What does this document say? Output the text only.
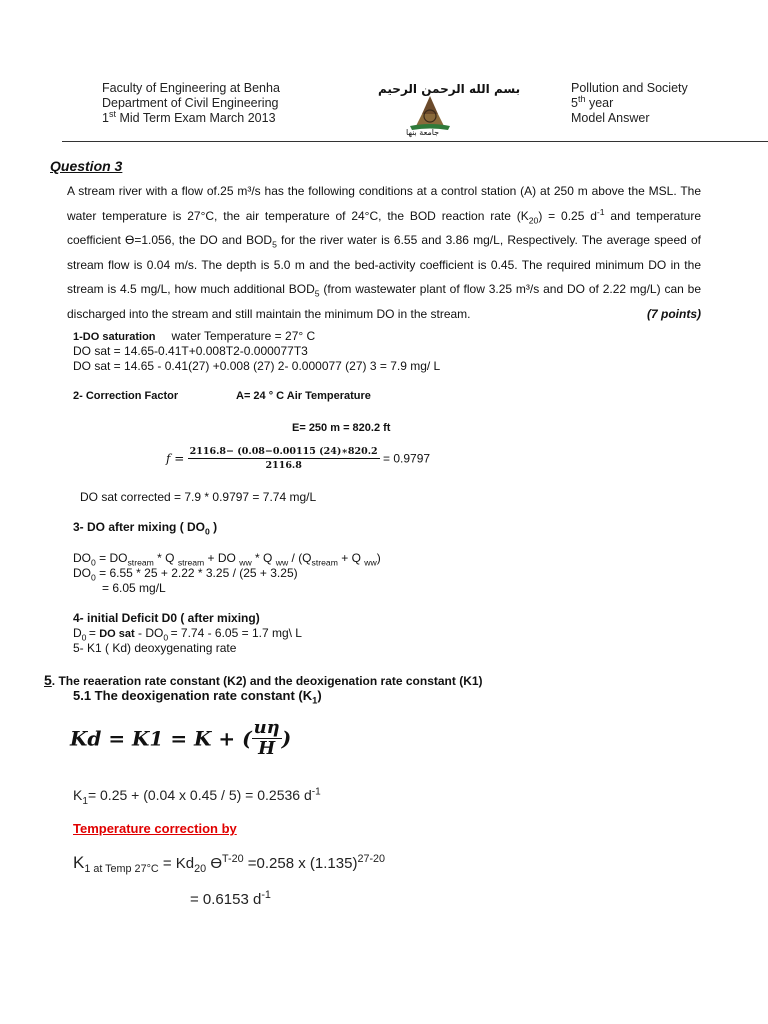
Faculty of Engineering at Benha
Department of Civil Engineering
1st Mid Term Exam March 2013
بسم الله الرحمن الرحيم
جامعة بنها
Pollution and Society
5th year
Model Answer
Question 3
A stream river with a flow of.25 m³/s has the following conditions at a control station (A) at 250 m above the MSL. The water temperature is 27°C, the air temperature of 24°C, the BOD reaction rate $(K_{20}) = 0.25$ $d^{-1}$ and temperature coefficient ϴ=1.056, the DO and $BOD_5$ for the river water is 6.55 and 3.86 mg/L, Respectively. The average speed of stream flow is 0.04 m/s. The depth is 5.0 m and the bed-activity coefficient is 0.45. The required minimum DO in the stream is 4.5 mg/L, how much additional $BOD_5$ (from wastewater plant of flow 3.25 m³/s and DO of 2.22 mg/L) can be discharged into the stream and still maintain the minimum DO in the stream.	(7 points)
1-DO saturation water Temperature = 27° C
DO sat = 14.65-0.41T+0.008T2-0.000077T3
DO sat = 14.65 - 0.41(27) +0.008 (27) 2- 0.000077 (27) 3 = 7.9 mg/ L
2- Correction Factor	A= 24 ° C Air Temperature
E= 250 m = 820.2 ft
$f = \frac{2116.8- (0.08-0.00115 (24)∗820.2}{2116.8} = 0.9797$
DO sat corrected = 7.9 * 0.9797 = 7.74 mg/L
3- DO after mixing ( $DO_0$ )
$DO_0 = DO_{stream} * Q$ $_{stream}$ + DO $_{ww}$ * Q $_{ww} / (Q_{stream} + Q$ $_{ww}$)
$DO_0 = 6.55 * 25 + 2.22 * 3.25 / (25 + 3.25)$
= 6.05 mg/L
4- initial Deficit D0 ( after mixing)
$D_0$ = DO sat - $DO_0 = 7.74 - 6.05 = 1.7$ mg\ L
5- K1 ( Kd) deoxygenating rate
5. The reaeration rate constant (K2) and the deoxigenation rate constant (K1)
5.1 The deoxigenation rate constant $(K_1)$
Kd = K1 = K + ( $\frac{u\eta}{H}$ )
$K_1= 0.25 + (0.04$ x 0.45 / 5) = 0.2536 $d^{-1}$
Temperature correction by
$K_{1 at Temp 27^\circ C} = Kd_{20}$ $ϴ^{T-20} =0.258$ x $(1.135)^{27-20}$
= 0.6153 $d^{-1}$
